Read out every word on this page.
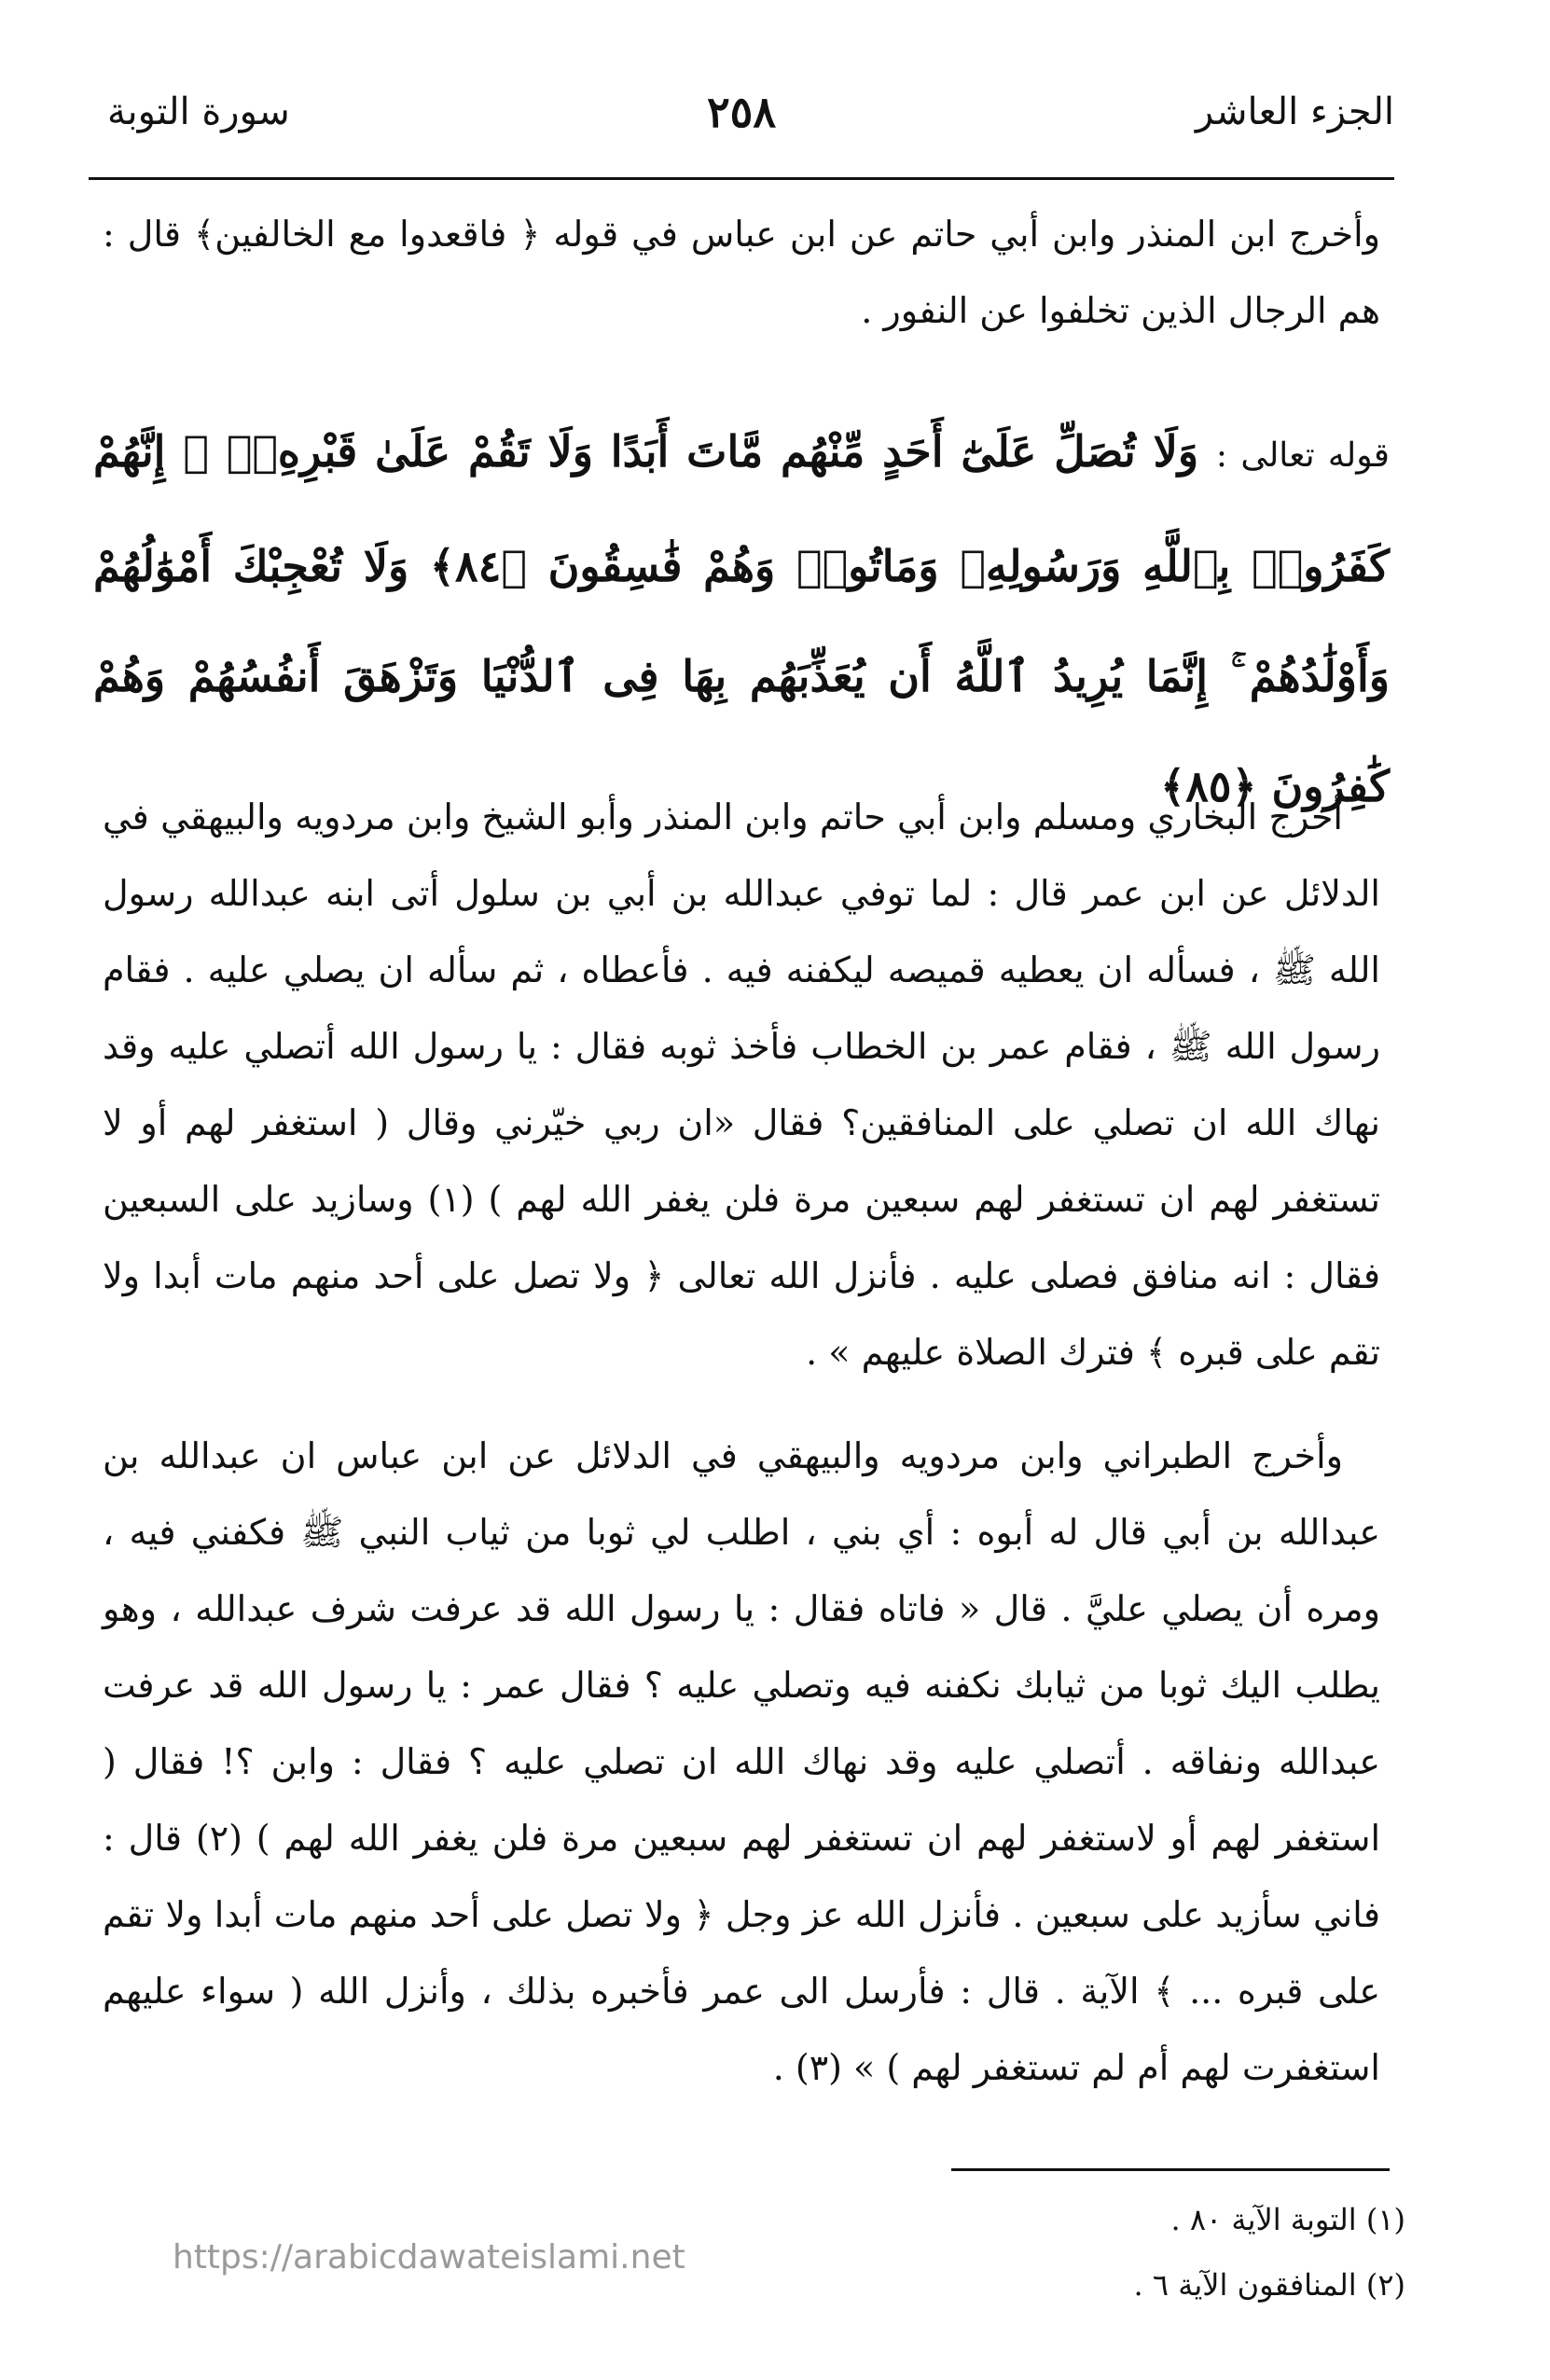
الجزء العاشر
٢٥٨
سورة التوبة

وأخرج ابن المنذر وابن أبي حاتم عن ابن عباس في قوله ﴿ فاقعدوا مع الخالفين﴾ قال : هم الرجال الذين تخلفوا عن النفور .

قوله تعالى : وَلَا تُصَلِّ عَلَىٰٓ أَحَدٍ مِّنْهُم مَّاتَ أَبَدًا وَلَا تَقُمْ عَلَىٰ قَبْرِهِۦٓ ۖ إِنَّهُمْ كَفَرُوا۟ بِٱللَّهِ وَرَسُولِهِۦ وَمَاتُوا۟ وَهُمْ فَٰسِقُونَ ﴿٨٤﴾ وَلَا تُعْجِبْكَ أَمْوَٰلُهُمْ وَأَوْلَٰدُهُمْ ۚ إِنَّمَا يُرِيدُ ٱللَّهُ أَن يُعَذِّبَهُم بِهَا فِى ٱلدُّنْيَا وَتَزْهَقَ أَنفُسُهُمْ وَهُمْ كَٰفِرُونَ ﴿٨٥﴾

أخرج البخاري ومسلم وابن أبي حاتم وابن المنذر وأبو الشيخ وابن مردويه والبيهقي في الدلائل عن ابن عمر قال : لما توفي عبدالله بن أبي بن سلول أتى ابنه عبدالله رسول الله ﷺ ، فسأله ان يعطيه قميصه ليكفنه فيه . فأعطاه ، ثم سأله ان يصلي عليه . فقام رسول الله ﷺ ، فقام عمر بن الخطاب فأخذ ثوبه فقال : يا رسول الله أتصلي عليه وقد نهاك الله ان تصلي على المنافقين؟ فقال «ان ربي خيّرني وقال ( استغفر لهم أو لا تستغفر لهم ان تستغفر لهم سبعين مرة فلن يغفر الله لهم ) (١) وسازيد على السبعين فقال : انه منافق فصلى عليه . فأنزل الله تعالى ﴿ ولا تصل على أحد منهم مات أبدا ولا تقم على قبره ﴾ فترك الصلاة عليهم » .

وأخرج الطبراني وابن مردويه والبيهقي في الدلائل عن ابن عباس ان عبدالله بن عبدالله بن أبي قال له أبوه : أي بني ، اطلب لي ثوبا من ثياب النبي ﷺ فكفني فيه ، ومره أن يصلي عليَّ . قال « فاتاه فقال : يا رسول الله قد عرفت شرف عبدالله ، وهو يطلب اليك ثوبا من ثيابك نكفنه فيه وتصلي عليه ؟ فقال عمر : يا رسول الله قد عرفت عبدالله ونفاقه . أتصلي عليه وقد نهاك الله ان تصلي عليه ؟ فقال : وابن ؟! فقال ( استغفر لهم أو لاستغفر لهم ان تستغفر لهم سبعين مرة فلن يغفر الله لهم ) (٢) قال : فاني سأزيد على سبعين . فأنزل الله عز وجل ﴿ ولا تصل على أحد منهم مات أبدا ولا تقم على قبره ... ﴾ الآية . قال : فأرسل الى عمر فأخبره بذلك ، وأنزل الله ( سواء عليهم استغفرت لهم أم لم تستغفر لهم ) » (٣) .

(١) التوبة الآية ٨٠ .
(٢) المنافقون الآية ٦ .
https://arabicdawateislami.net
